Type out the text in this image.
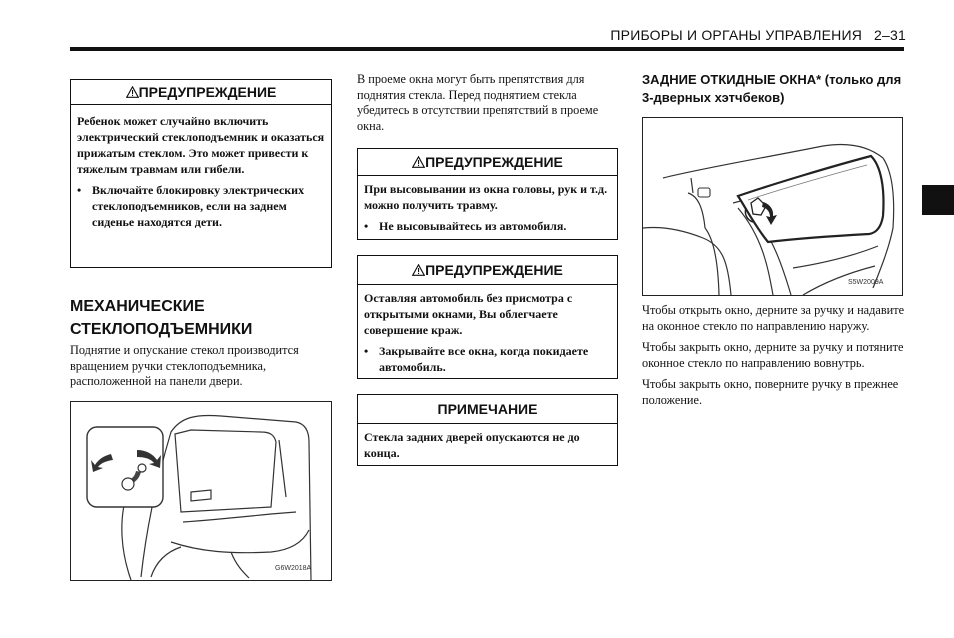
ПРИБОРЫ И ОРГАНЫ УПРАВЛЕНИЯ 2–31
ПРЕДУПРЕЖДЕНИЕ

Ребенок может случайно включить электрический стеклоподъемник и оказаться прижатым стеклом. Это может привести к тяжелым травмам или гибели.

• Включайте блокировку электрических стеклоподъемников, если на заднем сиденье находятся дети.
МЕХАНИЧЕСКИЕ СТЕКЛОПОДЪЕМНИКИ

Поднятие и опускание стекол производится вращением ручки стеклоподъемника, расположенной на панели двери.

G6W2018A

В проеме окна могут быть препятствия для поднятия стекла. Перед поднятием стекла убедитесь в отсутствии препятствий в проеме окна.

ПРЕДУПРЕЖДЕНИЕ

При высовывании из окна головы, рук и т.д. можно получить травму.

• Не высовывайтесь из автомобиля.
ПРЕДУПРЕЖДЕНИЕ

Оставляя автомобиль без присмотра с открытыми окнами, Вы облегчаете совершение краж.

• Закрывайте все окна, когда покидаете автомобиль.
ПРИМЕЧАНИЕ

Стекла задних дверей опускаются не до конца.

ЗАДНИЕ ОТКИДНЫЕ ОКНА* (только для 3-дверных хэтчбеков)
S5W2009A

Чтобы открыть окно, дерните за ручку и надавите на оконное стекло по направлению наружу.

Чтобы закрыть окно, дерните за ручку и потяните оконное стекло по направлению вовнутрь.

Чтобы закрыть окно, поверните ручку в прежнее положение.
